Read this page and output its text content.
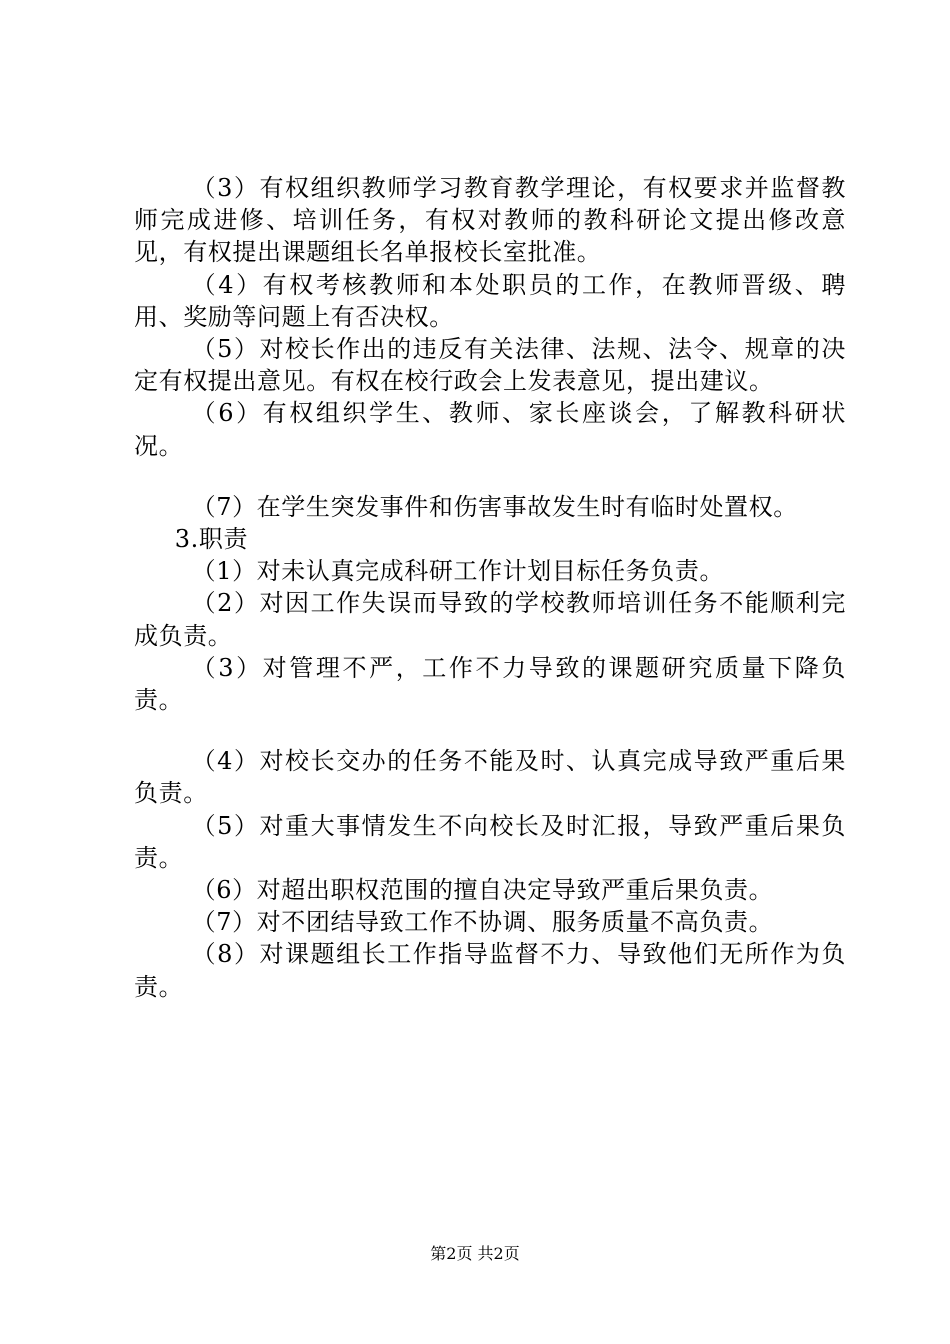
（3）有权组织教师学习教育教学理论，有权要求并监督教师完成进修、培训任务，有权对教师的教科研论文提出修改意见，有权提出课题组长名单报校长室批准。

（4）有权考核教师和本处职员的工作，在教师晋级、聘用、奖励等问题上有否决权。

（5）对校长作出的违反有关法律、法规、法令、规章的决定有权提出意见。有权在校行政会上发表意见，提出建议。

（6）有权组织学生、教师、家长座谈会，了解教科研状况。

（7）在学生突发事件和伤害事故发生时有临时处置权。

3.职责

（1）对未认真完成科研工作计划目标任务负责。

（2）对因工作失误而导致的学校教师培训任务不能顺利完成负责。

（3）对管理不严，工作不力导致的课题研究质量下降负责。

（4）对校长交办的任务不能及时、认真完成导致严重后果负责。

（5）对重大事情发生不向校长及时汇报，导致严重后果负责。

（6）对超出职权范围的擅自决定导致严重后果负责。

（7）对不团结导致工作不协调、服务质量不高负责。

（8）对课题组长工作指导监督不力、导致他们无所作为负责。

第2页 共2页
